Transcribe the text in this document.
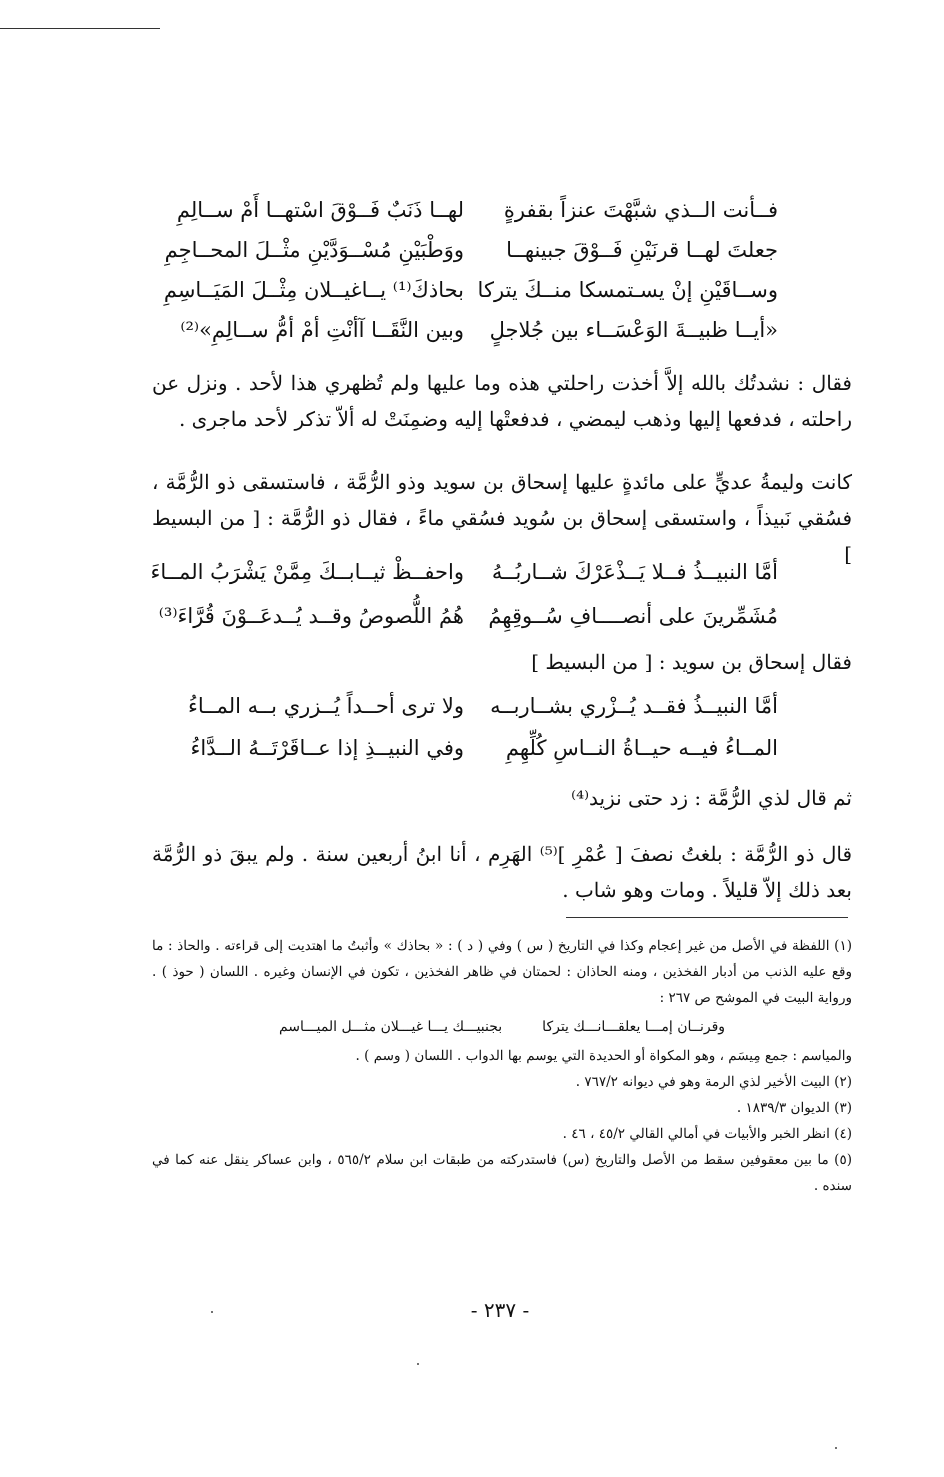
فــأنت الــذي شبَّهْتَ عنزاً بقفرةٍ
لهــا ذَنَبٌ فَــوْقَ اسْتهــا أَمْ ســالِمِ
جعلتَ لهــا قرنَيْنِ فَــوْقَ جبينهــا
ووَطْبَيْنِ مُسْــوَدَّيْنِ مثْــلَ المحــاجِمِ
وســاقَيْنِ إنْ يسـتمسكا منــكَ يتركا
بحاذكَ⁽¹⁾ يــاغيــلان مِثْــلَ المَيَــاسِمِ
«أيــا ظبيــةَ الوَعْسَــاء بين جُلاجلٍ
وبين النَّقَــا آأنْتِ أمْ أمُّ ســالِمِ»⁽²⁾

فقال : نشدتُك بالله إلاَّ أخذت راحلتي هذه وما عليها ولم تُظهري هذا لأحد . ونزل عن راحلته ، فدفعها إليها وذهب ليمضي ، فدفعتْها إليه وضمِنَتْ له ألاّ تذكر لأحد ماجرى .

كانت وليمةُ عديٍّ على مائدةٍ عليها إسحاق بن سويد وذو الرُّمَّة ، فاستسقى ذو الرُّمَّة ، فسُقي نَبيذاً ، واستسقى إسحاق بن سُويد فسُقي ماءً ، فقال ذو الرُّمَّة : [ من البسيط ]

أمَّا النبيــذُ فــلا يَــذْعَرْكَ شــاربُــهُ
واحفــظْ ثيــابــكَ مِمَّنْ يَشْرَبُ المــاءَ
مُشَمِّرينَ على أنصــــافِ سُــوقِهِمُ
هُمُ اللُّصوصُ وقــد يُــدعَــوْنَ قُرَّاءَ⁽³⁾

فقال إسحاق بن سويد : [ من البسيط ]

أمَّا النبيــذُ فقــد يُــزْري بشــاربــه
ولا ترى أحــداً يُــزري بــه المــاءُ
المــاءُ فيــه حيــاةُ النــاسِ كُلِّهِمِ
وفي النبيــذِ إذا عــاقَرْتَــهُ الــدَّاءُ

ثم قال لذي الرُّمَّة : زد حتى نزيد⁽⁴⁾

قال ذو الرُّمَّة : بلغتُ نصفَ [ عُمْرِ ]⁽⁵⁾ الهَرِم ، أنا ابنُ أربعين سنة . ولم يبقَ ذو الرُّمَّة بعد ذلك إلاّ قليلاً . ومات وهو شاب .

(١) اللفظة في الأصل من غير إعجام وكذا في التاريخ ( س ) وفي ( د ) : « بحاذك » وأثبتُ ما اهتديت إلى قراءته . والحاذ : ما وقع عليه الذنب من أدبار الفخذين ، ومنه الحاذان : لحمتان في ظاهر الفخذين ، تكون في الإنسان وغيره . اللسان ( حوذ ) . ورواية البيت في الموشح ص ٢٦٧ :

وقرنــان إمـــا يعلقـــانـــك يتركا
بجنبيـــك يـــا غيـــلان مثـــل الميـــاسم

والمياسم : جمع مِيسَم ، وهو المكواة أو الحديدة التي يوسم بها الدواب . اللسان ( وسم ) .

(٢) البيت الأخير لذي الرمة وهو في ديوانه ٧٦٧/٢ .

(٣) الديوان ١٨٣٩/٣ .

(٤) انظر الخبر والأبيات في أمالي القالي ٤٥/٢ ، ٤٦ .

(٥) ما بين معقوفين سقط من الأصل والتاريخ (س) فاستدركته من طبقات ابن سلام ٥٦٥/٢ ، وابن عساكر ينقل عنه كما في سنده .

- ٢٣٧ -
